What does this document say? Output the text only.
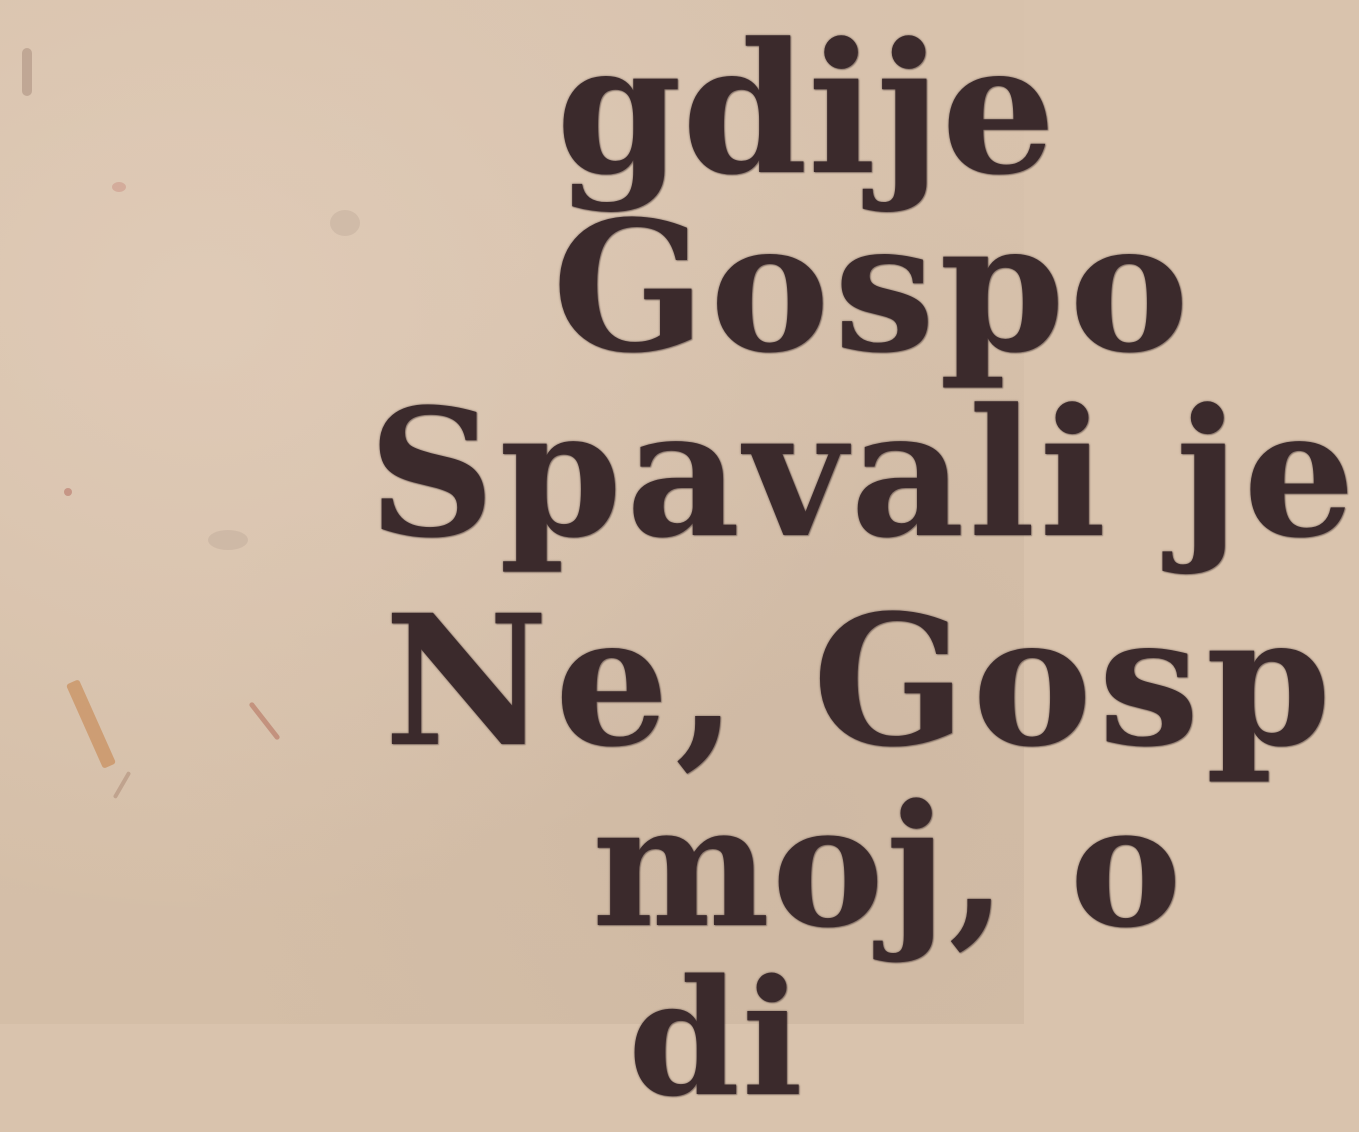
gdije
Gospo
Spavali je
Ne, Gosp
moj, o
di
